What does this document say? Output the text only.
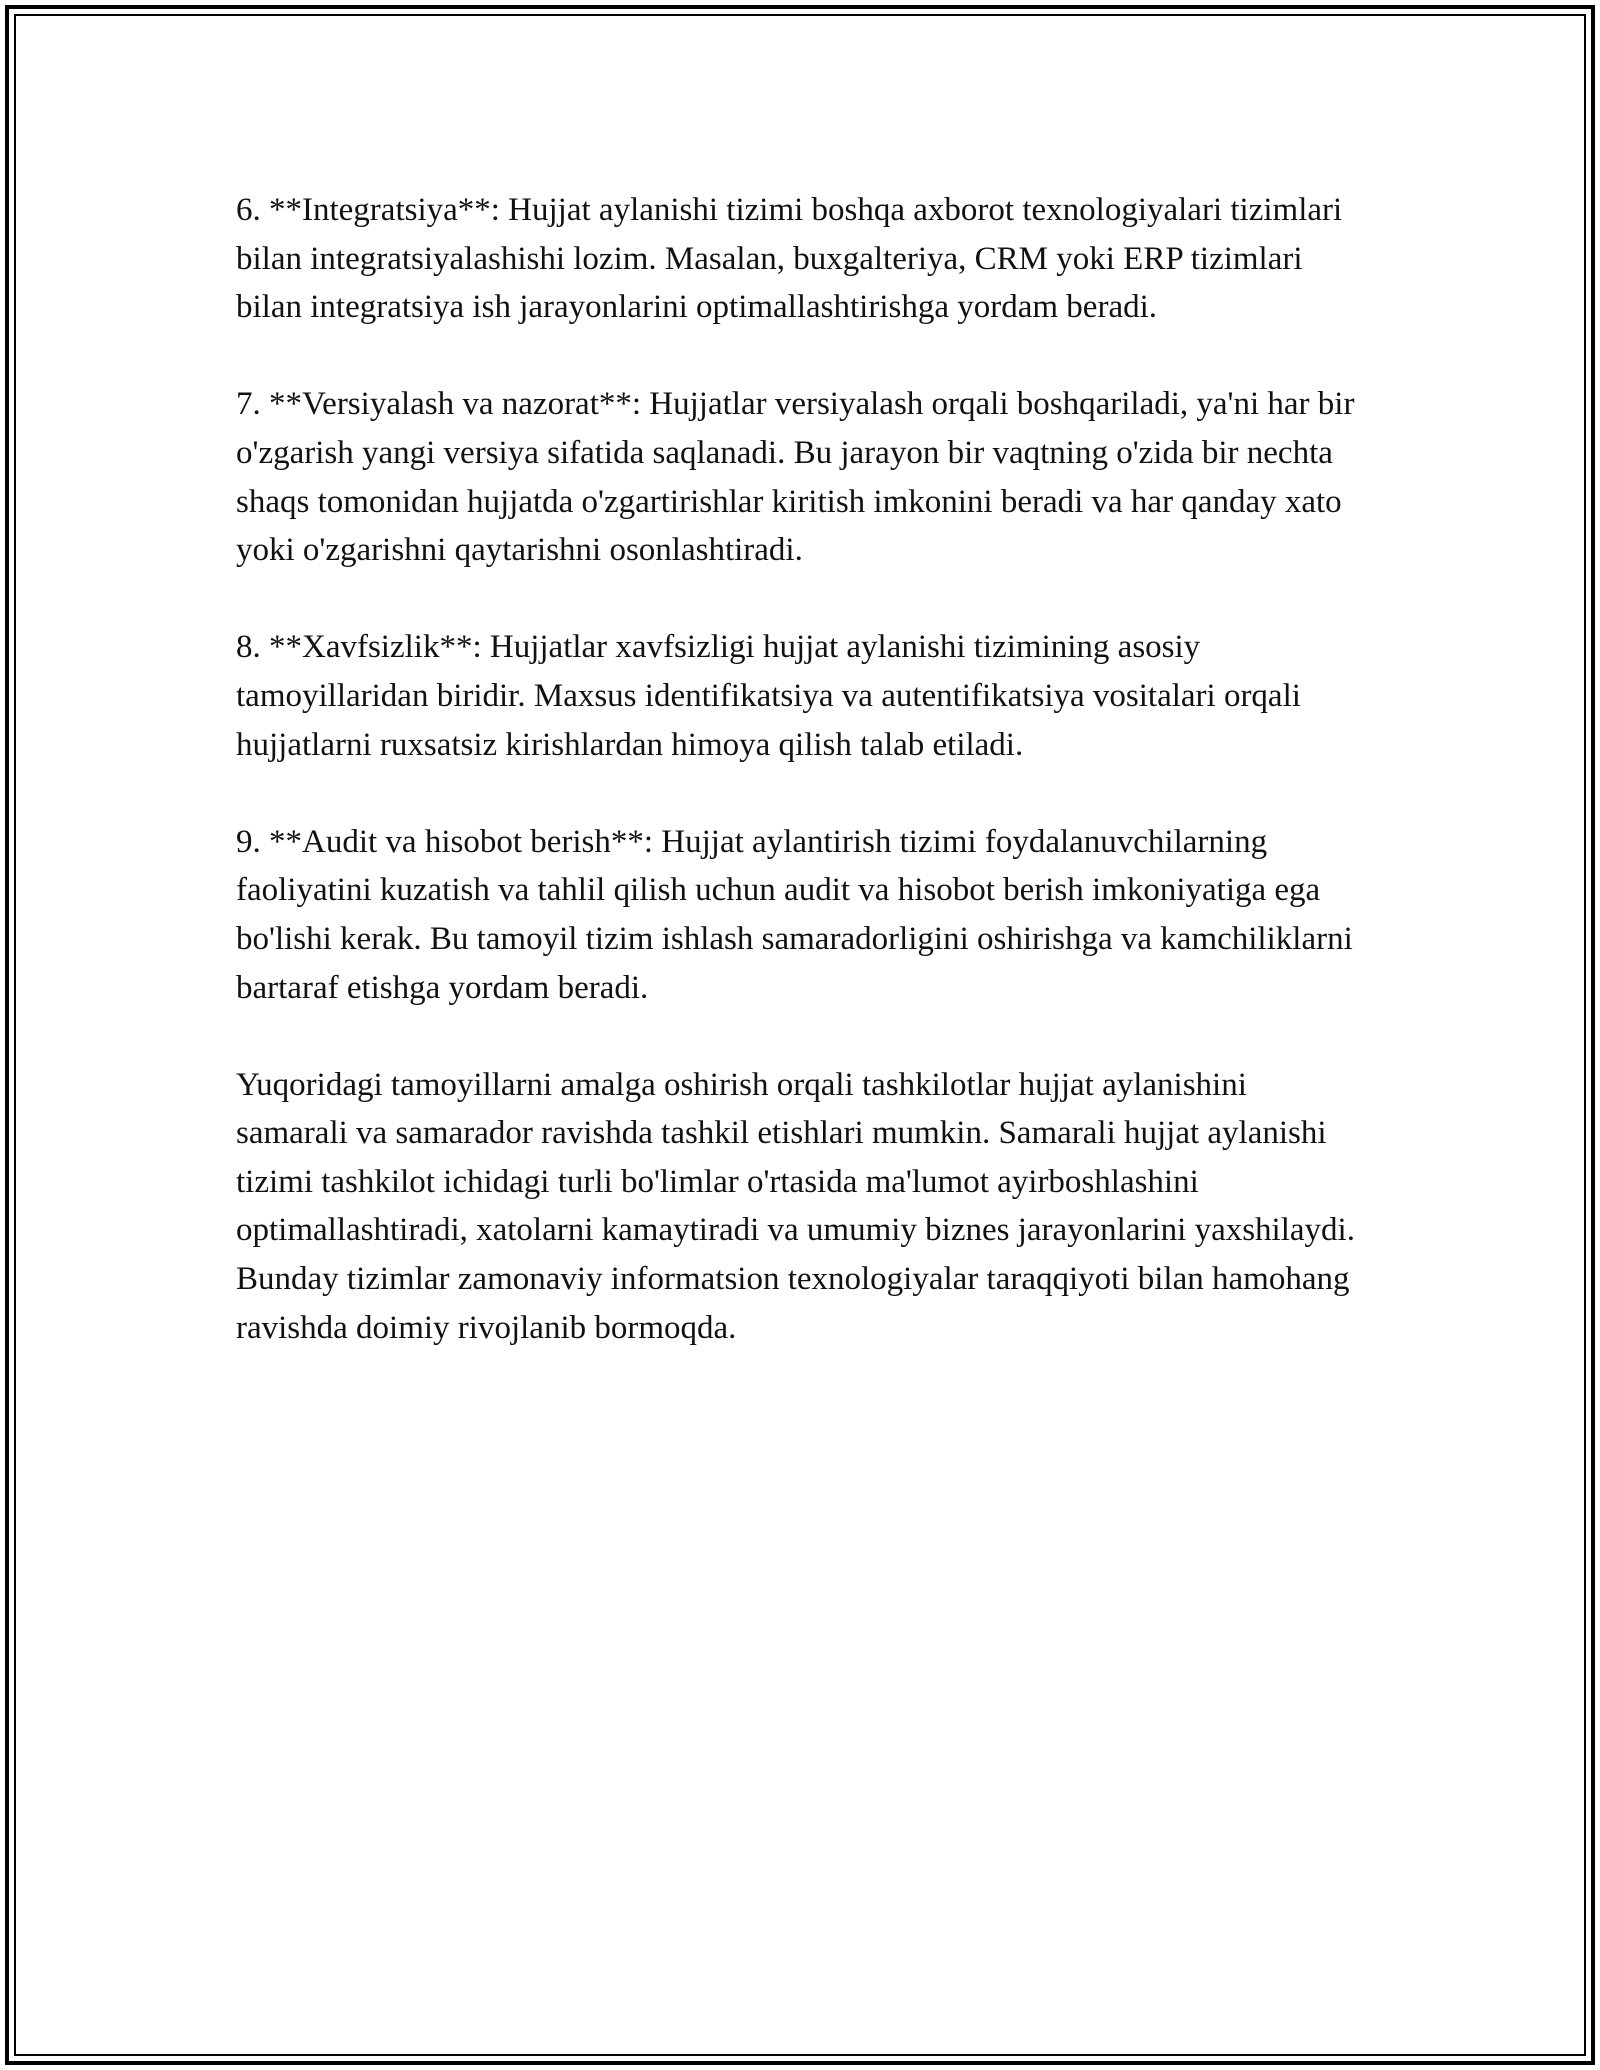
6. **Integratsiya**: Hujjat aylanishi tizimi boshqa axborot texnologiyalari tizimlari bilan integratsiyalashishi lozim. Masalan, buxgalteriya, CRM yoki ERP tizimlari bilan integratsiya ish jarayonlarini optimallashtirishga yordam beradi.

7. **Versiyalash va nazorat**: Hujjatlar versiyalash orqali boshqariladi, ya'ni har bir o'zgarish yangi versiya sifatida saqlanadi. Bu jarayon bir vaqtning o'zida bir nechta shaqs tomonidan hujjatda o'zgartirishlar kiritish imkonini beradi va har qanday xato yoki o'zgarishni qaytarishni osonlashtiradi.

8. **Xavfsizlik**: Hujjatlar xavfsizligi hujjat aylanishi tizimining asosiy tamoyillaridan biridir. Maxsus identifikatsiya va autentifikatsiya vositalari orqali hujjatlarni ruxsatsiz kirishlardan himoya qilish talab etiladi.

9. **Audit va hisobot berish**: Hujjat aylantirish tizimi foydalanuvchilarning faoliyatini kuzatish va tahlil qilish uchun audit va hisobot berish imkoniyatiga ega bo'lishi kerak. Bu tamoyil tizim ishlash samaradorligini oshirishga va kamchiliklarni bartaraf etishga yordam beradi.

Yuqoridagi tamoyillarni amalga oshirish orqali tashkilotlar hujjat aylanishini samarali va samarador ravishda tashkil etishlari mumkin. Samarali hujjat aylanishi tizimi tashkilot ichidagi turli bo'limlar o'rtasida ma'lumot ayirboshlashini optimallashtiradi, xatolarni kamaytiradi va umumiy biznes jarayonlarini yaxshilaydi. Bunday tizimlar zamonaviy informatsion texnologiyalar taraqqiyoti bilan hamohang ravishda doimiy rivojlanib bormoqda.
